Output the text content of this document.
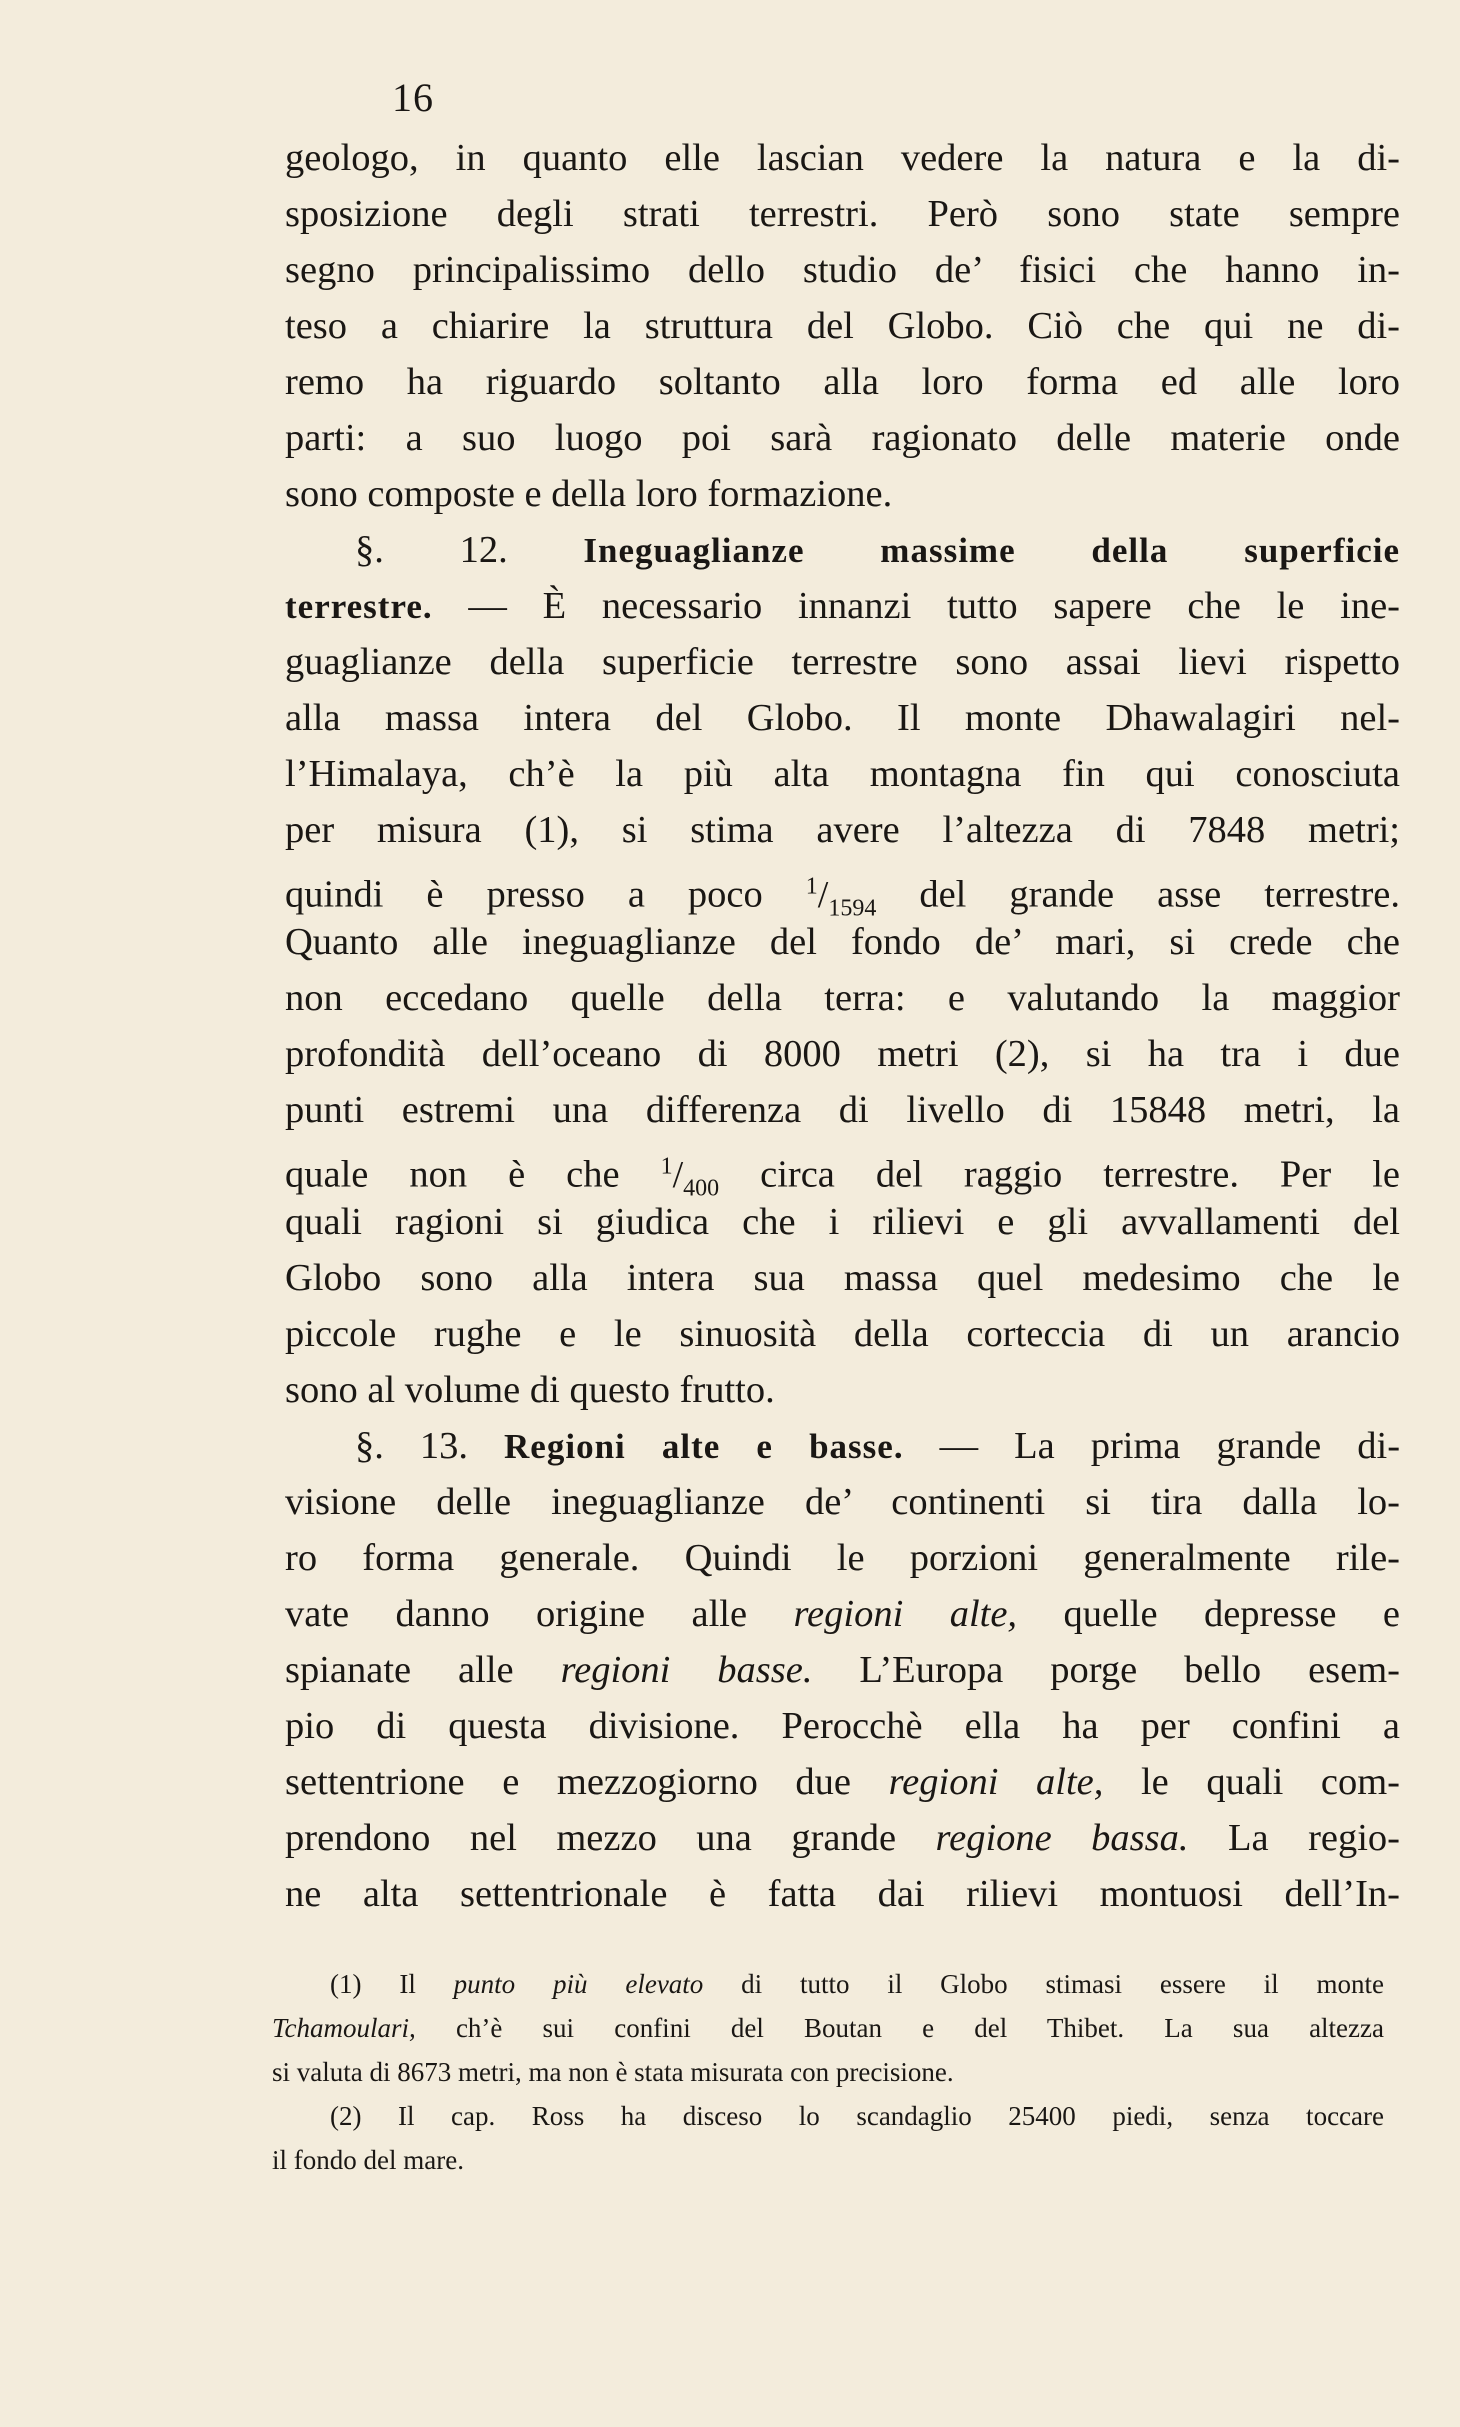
16
geologo, in quanto elle lascian vedere la natura e la di-
sposizione degli strati terrestri. Però sono state sempre
segno principalissimo dello studio de’ fisici che hanno in-
teso a chiarire la struttura del Globo. Ciò che qui ne di-
remo ha riguardo soltanto alla loro forma ed alle loro
parti: a suo luogo poi sarà ragionato delle materie onde
sono composte e della loro formazione.
§. 12. Ineguaglianze massime della superficie
terrestre. — È necessario innanzi tutto sapere che le ine-
guaglianze della superficie terrestre sono assai lievi rispetto
alla massa intera del Globo. Il monte Dhawalagiri nel-
l’Himalaya, ch’è la più alta montagna fin qui conosciuta
per misura (1), si stima avere l’altezza di 7848 metri;
quindi è presso a poco $^1/_{1594}$ del grande asse terrestre.
Quanto alle ineguaglianze del fondo de’ mari, si crede che
non eccedano quelle della terra: e valutando la maggior
profondità dell’oceano di 8000 metri (2), si ha tra i due
punti estremi una differenza di livello di 15848 metri, la
quale non è che $^1/_{400}$ circa del raggio terrestre. Per le
quali ragioni si giudica che i rilievi e gli avvallamenti del
Globo sono alla intera sua massa quel medesimo che le
piccole rughe e le sinuosità della corteccia di un arancio
sono al volume di questo frutto.
§. 13. Regioni alte e basse. — La prima grande di-
visione delle ineguaglianze de’ continenti si tira dalla lo-
ro forma generale. Quindi le porzioni generalmente rile-
vate danno origine alle regioni alte, quelle depresse e
spianate alle regioni basse. L’Europa porge bello esem-
pio di questa divisione. Perocchè ella ha per confini a
settentrione e mezzogiorno due regioni alte, le quali com-
prendono nel mezzo una grande regione bassa. La regio-
ne alta settentrionale è fatta dai rilievi montuosi dell’In-
(1) Il punto più elevato di tutto il Globo stimasi essere il monte
Tchamoulari, ch’è sui confini del Boutan e del Thibet. La sua altezza
si valuta di 8673 metri, ma non è stata misurata con precisione.
(2) Il cap. Ross ha disceso lo scandaglio 25400 piedi, senza toccare
il fondo del mare.
